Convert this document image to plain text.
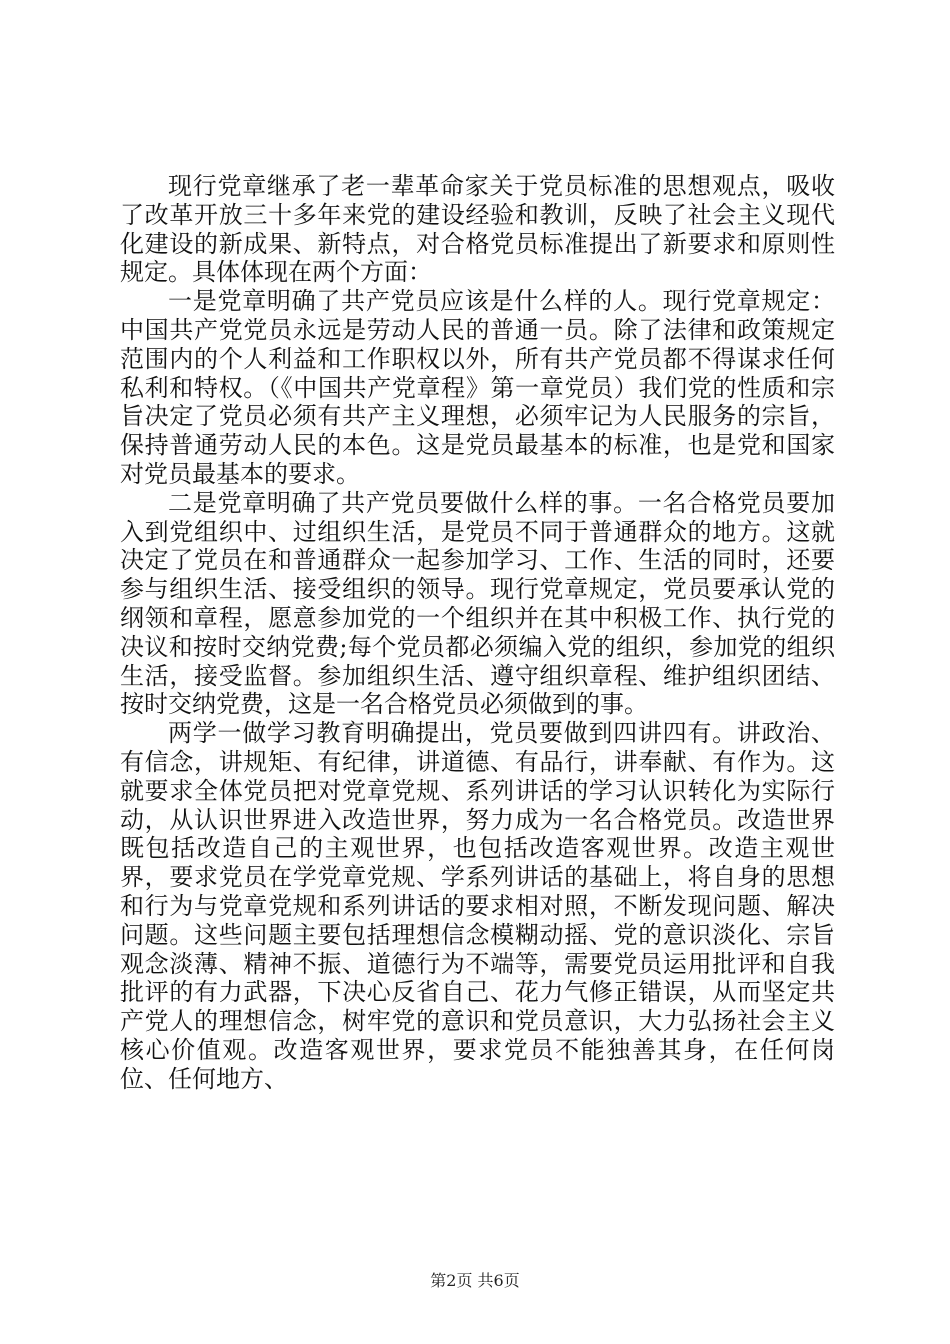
现行党章继承了老一辈革命家关于党员标准的思想观点，吸收了改革开放三十多年来党的建设经验和教训，反映了社会主义现代化建设的新成果、新特点，对合格党员标准提出了新要求和原则性规定。具体体现在两个方面：

一是党章明确了共产党员应该是什么样的人。现行党章规定：中国共产党党员永远是劳动人民的普通一员。除了法律和政策规定范围内的个人利益和工作职权以外，所有共产党员都不得谋求任何私利和特权。（《中国共产党章程》第一章党员）我们党的性质和宗旨决定了党员必须有共产主义理想，必须牢记为人民服务的宗旨，保持普通劳动人民的本色。这是党员最基本的标准，也是党和国家对党员最基本的要求。

二是党章明确了共产党员要做什么样的事。一名合格党员要加入到党组织中、过组织生活，是党员不同于普通群众的地方。这就决定了党员在和普通群众一起参加学习、工作、生活的同时，还要参与组织生活、接受组织的领导。现行党章规定，党员要承认党的纲领和章程，愿意参加党的一个组织并在其中积极工作、执行党的决议和按时交纳党费;每个党员都必须编入党的组织，参加党的组织生活，接受监督。参加组织生活、遵守组织章程、维护组织团结、按时交纳党费，这是一名合格党员必须做到的事。

两学一做学习教育明确提出，党员要做到四讲四有。讲政治、有信念，讲规矩、有纪律，讲道德、有品行，讲奉献、有作为。这就要求全体党员把对党章党规、系列讲话的学习认识转化为实际行动，从认识世界进入改造世界，努力成为一名合格党员。改造世界既包括改造自己的主观世界，也包括改造客观世界。改造主观世界，要求党员在学党章党规、学系列讲话的基础上，将自身的思想和行为与党章党规和系列讲话的要求相对照，不断发现问题、解决问题。这些问题主要包括理想信念模糊动摇、党的意识淡化、宗旨观念淡薄、精神不振、道德行为不端等，需要党员运用批评和自我批评的有力武器，下决心反省自己、花力气修正错误，从而坚定共产党人的理想信念，树牢党的意识和党员意识，大力弘扬社会主义核心价值观。改造客观世界，要求党员不能独善其身，在任何岗位、任何地方、

第2页 共6页
